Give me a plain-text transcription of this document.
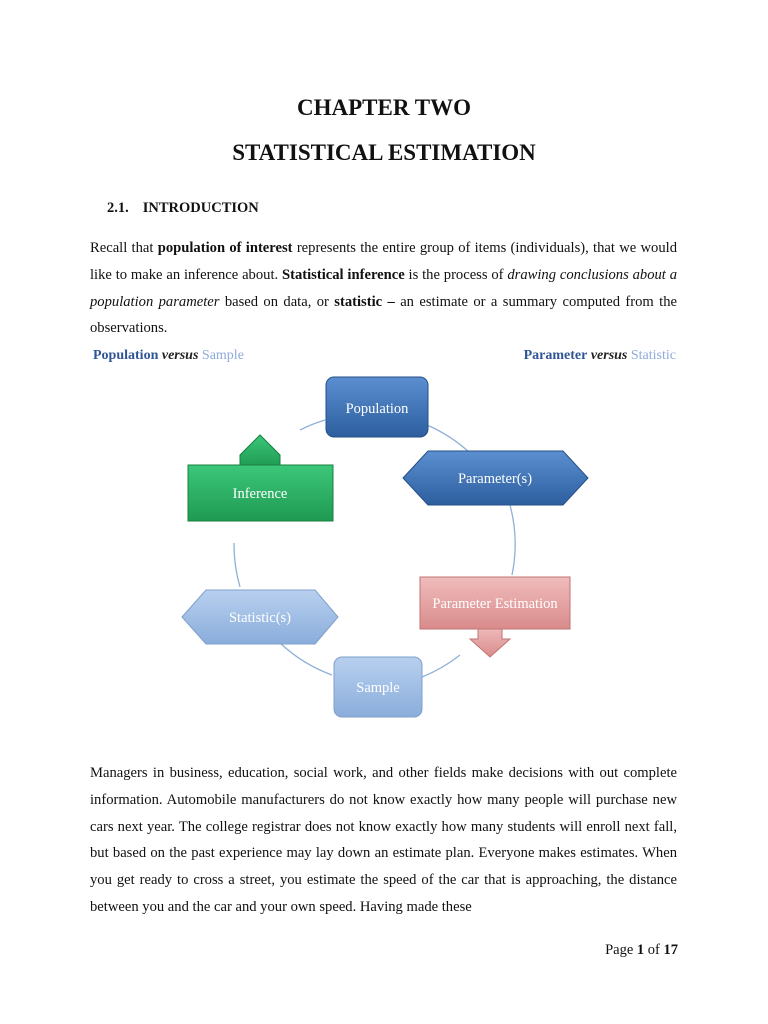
CHAPTER TWO
STATISTICAL ESTIMATION
2.1. INTRODUCTION

Recall that population of interest represents the entire group of items (individuals), that we would like to make an inference about. Statistical inference is the process of drawing conclusions about a population parameter based on data, or statistic – an estimate or a summary computed from the observations.

Population versus Sample	Parameter versus Statistic
Population
Parameter(s)
Parameter Estimation
Sample
Statistic(s)
Inference

Managers in business, education, social work, and other fields make decisions with out complete information. Automobile manufacturers do not know exactly how many people will purchase new cars next year. The college registrar does not know exactly how many students will enroll next fall, but based on the past experience may lay down an estimate plan. Everyone makes estimates. When you get ready to cross a street, you estimate the speed of the car that is approaching, the distance between you and the car and your own speed. Having made these

Page 1 of 17
